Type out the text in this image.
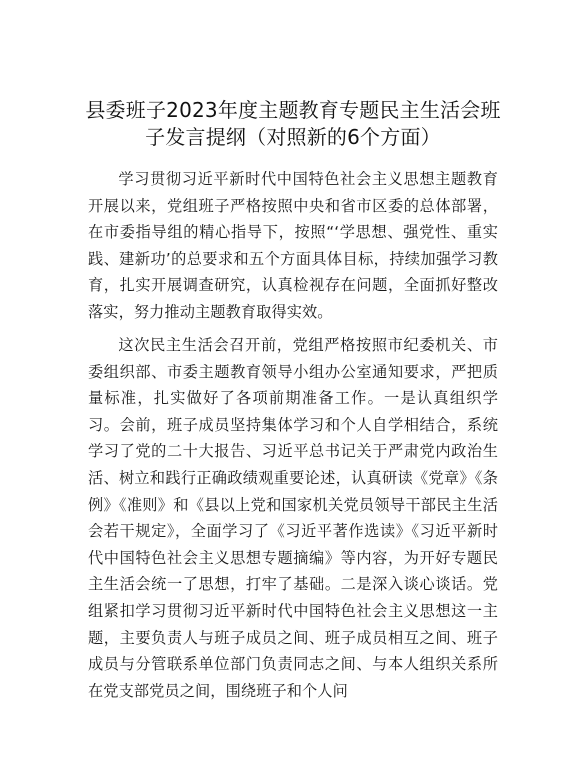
县委班子2023年度主题教育专题民主生活会班子发言提纲（对照新的6个方面）

学习贯彻习近平新时代中国特色社会主义思想主题教育开展以来，党组班子严格按照中央和省市区委的总体部署，在市委指导组的精心指导下，按照“‘学思想、强党性、重实践、建新功’的总要求和五个方面具体目标，持续加强学习教育，扎实开展调查研究，认真检视存在问题，全面抓好整改落实，努力推动主题教育取得实效。

这次民主生活会召开前，党组严格按照市纪委机关、市委组织部、市委主题教育领导小组办公室通知要求，严把质量标准，扎实做好了各项前期准备工作。一是认真组织学习。会前，班子成员坚持集体学习和个人自学相结合，系统学习了党的二十大报告、习近平总书记关于严肃党内政治生活、树立和践行正确政绩观重要论述，认真研读《党章》《条例》《准则》和《县以上党和国家机关党员领导干部民主生活会若干规定》，全面学习了《习近平著作选读》《习近平新时代中国特色社会主义思想专题摘编》等内容，为开好专题民主生活会统一了思想，打牢了基础。二是深入谈心谈话。党组紧扣学习贯彻习近平新时代中国特色社会主义思想这一主题，主要负责人与班子成员之间、班子成员相互之间、班子成员与分管联系单位部门负责同志之间、与本人组织关系所在党支部党员之间，围绕班子和个人问
